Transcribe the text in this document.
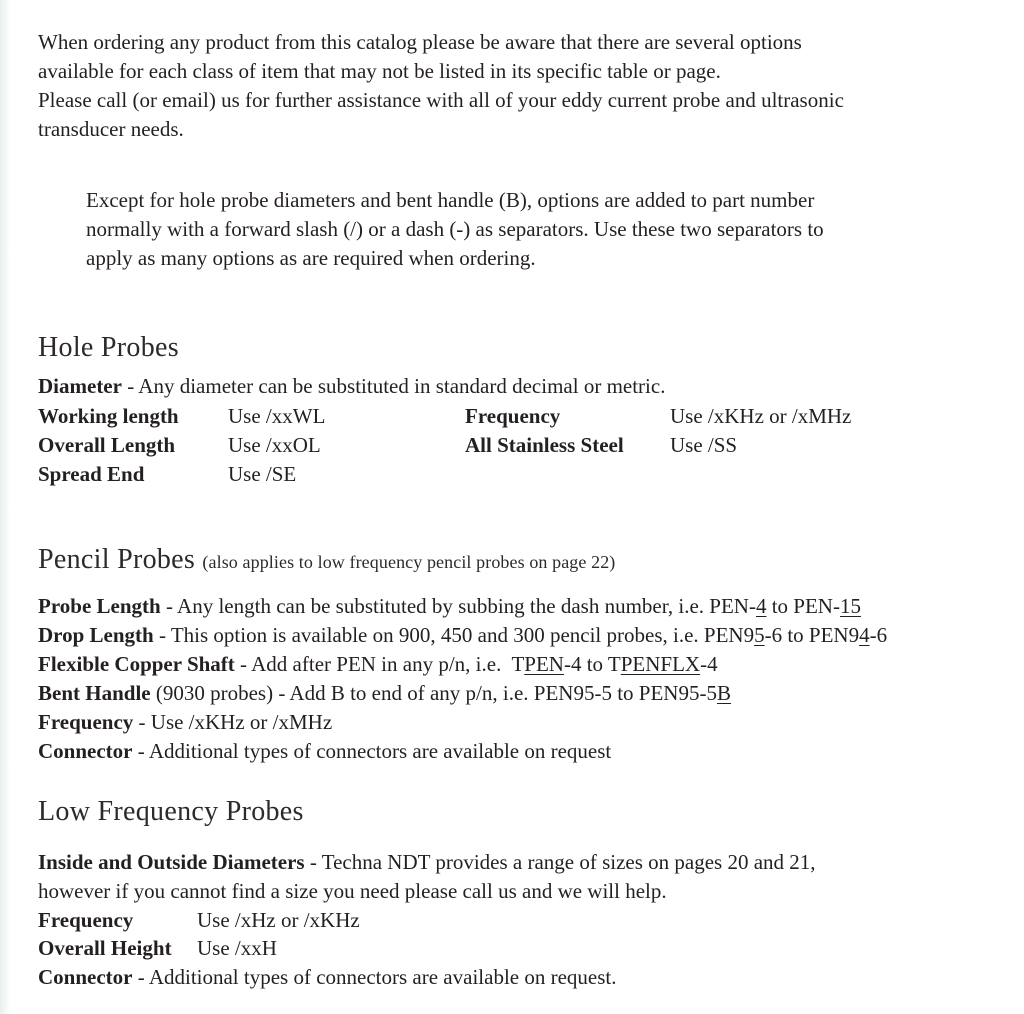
When ordering any product from this catalog please be aware that there are several options
available for each class of item that may not be listed in its specific table or page.
Please call (or email) us for further assistance with all of your eddy current probe and ultrasonic
transducer needs.
Except for hole probe diameters and bent handle (B), options are added to part number
normally with a forward slash (/) or a dash (-) as separators. Use these two separators to
apply as many options as are required when ordering.
Hole Probes
Diameter - Any diameter can be substituted in standard decimal or metric.
Working length	Use /xxWL	Frequency	Use /xKHz or /xMHz
Overall Length	Use /xxOL	All Stainless Steel	Use /SS
Spread End	Use /SE
Pencil Probes (also applies to low frequency pencil probes on page 22)
Probe Length - Any length can be substituted by subbing the dash number, i.e. PEN-4 to PEN-15
Drop Length - This option is available on 900, 450 and 300 pencil probes, i.e. PEN95-6 to PEN94-6
Flexible Copper Shaft - Add after PEN in any p/n, i.e.  TPEN-4 to TPENFLX-4
Bent Handle (9030 probes) - Add B to end of any p/n, i.e. PEN95-5 to PEN95-5B
Frequency - Use /xKHz or /xMHz
Connector - Additional types of connectors are available on request
Low Frequency Probes
Inside and Outside Diameters - Techna NDT provides a range of sizes on pages 20 and 21,
however if you cannot find a size you need please call us and we will help.
Frequency	Use /xHz or /xKHz
Overall Height	Use /xxH
Connector - Additional types of connectors are available on request.
